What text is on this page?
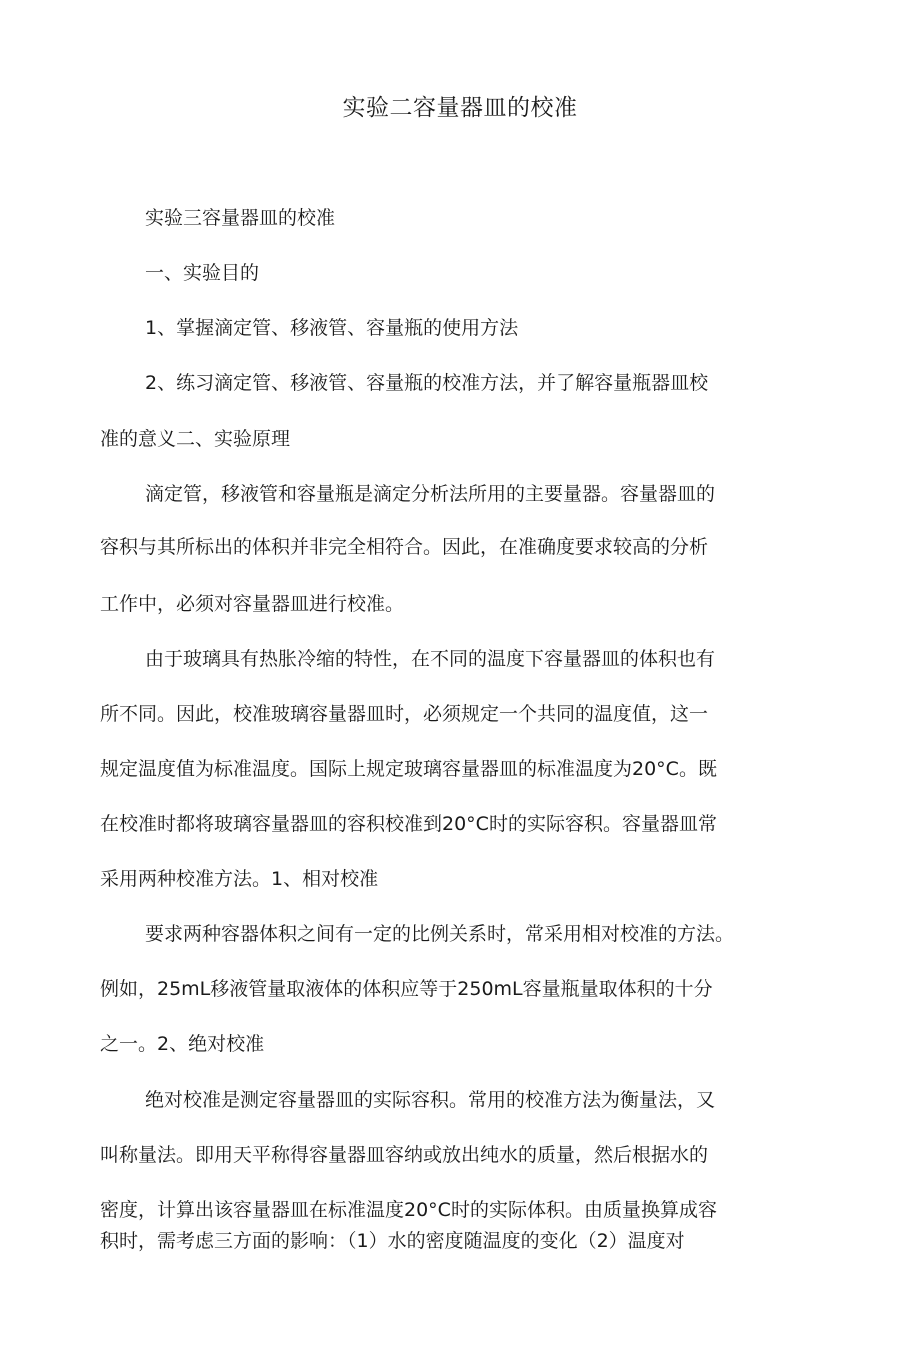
实验二容量器皿的校准

实验三容量器皿的校准

一、实验目的

1、掌握滴定管、移液管、容量瓶的使用方法

2、练习滴定管、移液管、容量瓶的校准方法，并了解容量瓶器皿校

准的意义二、实验原理

滴定管，移液管和容量瓶是滴定分析法所用的主要量器。容量器皿的

容积与其所标出的体积并非完全相符合。因此，在准确度要求较高的分析

工作中，必须对容量器皿进行校准。

由于玻璃具有热胀冷缩的特性，在不同的温度下容量器皿的体积也有

所不同。因此，校准玻璃容量器皿时，必须规定一个共同的温度值，这一

规定温度值为标准温度。国际上规定玻璃容量器皿的标准温度为20°C。既

在校准时都将玻璃容量器皿的容积校准到20°C时的实际容积。容量器皿常

采用两种校准方法。1、相对校准

要求两种容器体积之间有一定的比例关系时，常采用相对校准的方法。

例如，25mL移液管量取液体的体积应等于250mL容量瓶量取体积的十分

之一。2、绝对校准

绝对校准是测定容量器皿的实际容积。常用的校准方法为衡量法，又

叫称量法。即用天平称得容量器皿容纳或放出纯水的质量，然后根据水的

密度，计算出该容量器皿在标准温度20°C时的实际体积。由质量换算成容

积时，需考虑三方面的影响：（1）水的密度随温度的变化（2）温度对
